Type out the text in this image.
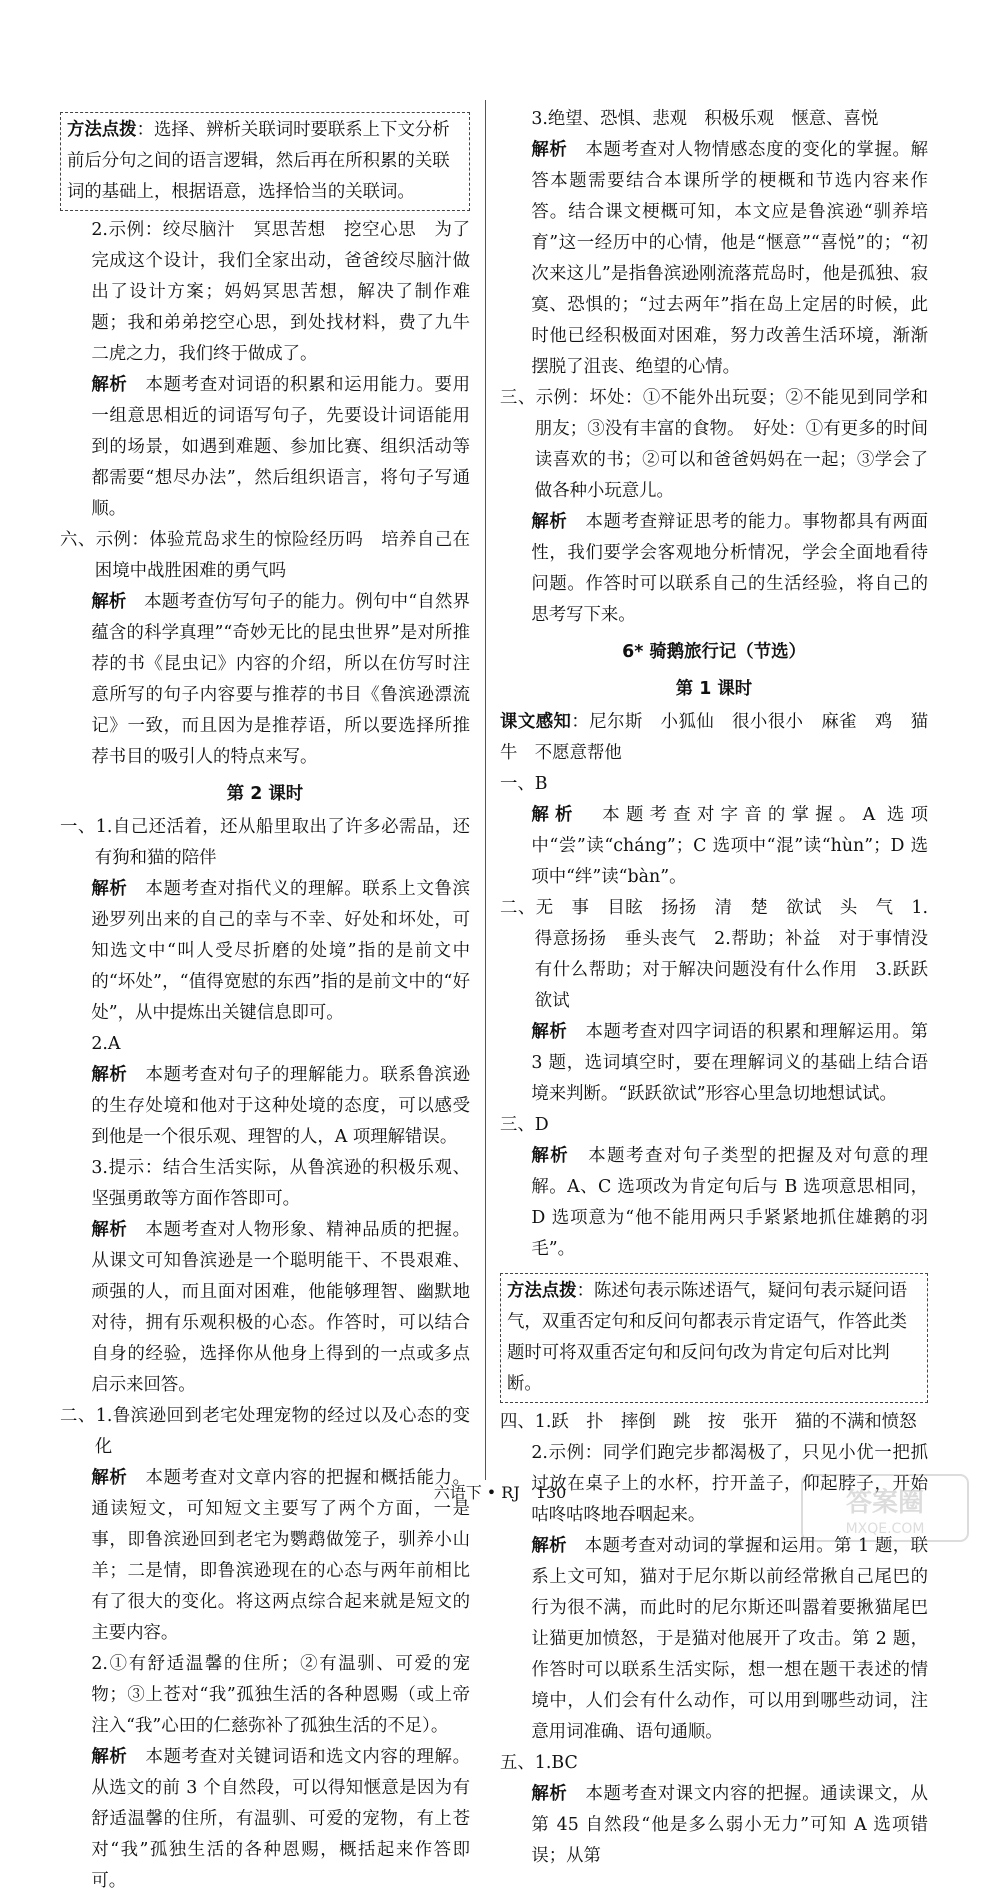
方法点拨：选择、辨析关联词时要联系上下文分析前后分句之间的语言逻辑，然后再在所积累的关联词的基础上，根据语意，选择恰当的关联词。

2.示例：绞尽脑汁　冥思苦想　挖空心思　为了完成这个设计，我们全家出动，爸爸绞尽脑汁做出了设计方案；妈妈冥思苦想，解决了制作难题；我和弟弟挖空心思，到处找材料，费了九牛二虎之力，我们终于做成了。

解析　本题考查对词语的积累和运用能力。要用一组意思相近的词语写句子，先要设计词语能用到的场景，如遇到难题、参加比赛、组织活动等都需要“想尽办法”，然后组织语言，将句子写通顺。

六、示例：体验荒岛求生的惊险经历吗　培养自己在困境中战胜困难的勇气吗

解析　本题考查仿写句子的能力。例句中“自然界蕴含的科学真理”“奇妙无比的昆虫世界”是对所推荐的书《昆虫记》内容的介绍，所以在仿写时注意所写的句子内容要与推荐的书目《鲁滨逊漂流记》一致，而且因为是推荐语，所以要选择所推荐书目的吸引人的特点来写。

第 2 课时

一、1.自己还活着，还从船里取出了许多必需品，还有狗和猫的陪伴

解析　本题考查对指代义的理解。联系上文鲁滨逊罗列出来的自己的幸与不幸、好处和坏处，可知选文中“叫人受尽折磨的处境”指的是前文中的“坏处”，“值得宽慰的东西”指的是前文中的“好处”，从中提炼出关键信息即可。

2.A

解析　本题考查对句子的理解能力。联系鲁滨逊的生存处境和他对于这种处境的态度，可以感受到他是一个很乐观、理智的人，A 项理解错误。

3.提示：结合生活实际，从鲁滨逊的积极乐观、坚强勇敢等方面作答即可。

解析　本题考查对人物形象、精神品质的把握。从课文可知鲁滨逊是一个聪明能干、不畏艰难、顽强的人，而且面对困难，他能够理智、幽默地对待，拥有乐观积极的心态。作答时，可以结合自身的经验，选择你从他身上得到的一点或多点启示来回答。

二、1.鲁滨逊回到老宅处理宠物的经过以及心态的变化

解析　本题考查对文章内容的把握和概括能力。通读短文，可知短文主要写了两个方面，一是事，即鲁滨逊回到老宅为鹦鹉做笼子，驯养小山羊；二是情，即鲁滨逊现在的心态与两年前相比有了很大的变化。将这两点综合起来就是短文的主要内容。

2.①有舒适温馨的住所；②有温驯、可爱的宠物；③上苍对“我”孤独生活的各种恩赐（或上帝注入“我”心田的仁慈弥补了孤独生活的不足）。

解析　本题考查对关键词语和选文内容的理解。从选文的前 3 个自然段，可以得知惬意是因为有舒适温馨的住所，有温驯、可爱的宠物，有上苍对“我”孤独生活的各种恩赐，概括起来作答即可。

3.绝望、恐惧、悲观　积极乐观　惬意、喜悦

解析　本题考查对人物情感态度的变化的掌握。解答本题需要结合本课所学的梗概和节选内容来作答。结合课文梗概可知，本文应是鲁滨逊“驯养培育”这一经历中的心情，他是“惬意”“喜悦”的；“初次来这儿”是指鲁滨逊刚流落荒岛时，他是孤独、寂寞、恐惧的；“过去两年”指在岛上定居的时候，此时他已经积极面对困难，努力改善生活环境，渐渐摆脱了沮丧、绝望的心情。

三、示例：坏处：①不能外出玩耍；②不能见到同学和朋友；③没有丰富的食物。　好处：①有更多的时间读喜欢的书；②可以和爸爸妈妈在一起；③学会了做各种小玩意儿。

解析　本题考查辩证思考的能力。事物都具有两面性，我们要学会客观地分析情况，学会全面地看待问题。作答时可以联系自己的生活经验，将自己的思考写下来。

6* 骑鹅旅行记（节选）
第 1 课时

课文感知：尼尔斯　小狐仙　很小很小　麻雀　鸡　猫　牛　不愿意帮他

一、B

解析　本题考查对字音的掌握。A 选项中“尝”读“cháng”；C 选项中“混”读“hùn”；D 选项中“绊”读“bàn”。

二、无　事　目眩　扬扬　清　楚　欲试　头　气　1.得意扬扬　垂头丧气　2.帮助；补益　对于事情没有什么帮助；对于解决问题没有什么作用　3.跃跃欲试

解析　本题考查对四字词语的积累和理解运用。第 3 题，选词填空时，要在理解词义的基础上结合语境来判断。“跃跃欲试”形容心里急切地想试试。

三、D

解析　本题考查对句子类型的把握及对句意的理解。A、C 选项改为肯定句后与 B 选项意思相同，D 选项意为“他不能用两只手紧紧地抓住雄鹅的羽毛”。

方法点拨：陈述句表示陈述语气，疑问句表示疑问语气，双重否定句和反问句都表示肯定语气，作答此类题时可将双重否定句和反问句改为肯定句后对比判断。

四、1.跃　扑　摔倒　跳　按　张开　猫的不满和愤怒

2.示例：同学们跑完步都渴极了，只见小优一把抓过放在桌子上的水杯，拧开盖子，仰起脖子，开始咕咚咕咚地吞咽起来。

解析　本题考查对动词的掌握和运用。第 1 题，联系上文可知，猫对于尼尔斯以前经常揪自己尾巴的行为很不满，而此时的尼尔斯还叫嚣着要揪猫尾巴让猫更加愤怒，于是猫对他展开了攻击。第 2 题，作答时可以联系生活实际，想一想在题干表述的情境中，人们会有什么动作，可以用到哪些动词，注意用词准确、语句通顺。

五、1.BC

解析　本题考查对课文内容的把握。通读课文，从第 45 自然段“他是多么弱小无力”可知 A 选项错误；从第

六语下 • RJ　130	答案圈
MXQE.COM
